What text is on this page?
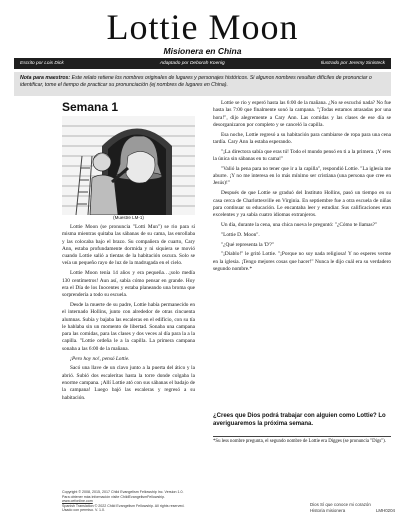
Lottie Moon
Misionera en China
Escrito por Lois Dick	Adaptado por Deborah Koenig	Ilustrado por Jeremy Sinisteck
Nota para maestros: Este relato retiene los nombres originales de lugares y personajes históricos. Si algunos nombres resultan difíciles de pronunciar o identificar, tome el tiempo de practicar su pronunciación (ej nombres de lugares en China).
Semana 1
(Muestre LM-1)

Lottie Moon (se pronuncia "Lotti Mun") se rio para sí misma mientras quitaba las sábanas de su cama, las enrollaba y las colocaba bajo el brazo. Su compañera de cuarto, Cary Ann, estaba profundamente dormida y ni siquiera se movió cuando Lottie salió a tientas de la habitación oscura. Solo se veía un pequeño rayo de luz de la madrugada en el cielo.

Lottie Moon tenía 14 años y era pequeña…¡solo medía 130 centímetros! Aun así, sabía cómo pensar en grande. Hoy era el Día de los Inocentes y estaba planeando una broma que sorprendería a todo su escuela.

Desde la muerte de su padre, Lottie había permanecido en el internado Hollins, junto con alrededor de otras cincuenta alumnas. Subía y bajaba las escaleras en el edificio, con su tía le hablaba sin un momento de libertad. Sonaba una campana para las comidas, para las clases y dos veces al día para la a la capilla. "Lottie ordeña le a la capilla. La primera campana sonaba a las 6:00 de la mañana.

¡Pero hoy no!, pensó Lottie.

Sacó una llave de un clavo junto a la puerta del ático y la abrió. Subió dos escaleritas hasta la torre donde colgaba la enorme campana. ¡Allí Lottie ató con sus sábanas el badajo de la campana! Luego bajó las escaleras y regresó a su habitación.

Lottie se rio y esperó hasta las 6:00 de la mañana. ¿No se escuchó nada? No fue hasta las 7:00 que finalmente sonó la campana. "¡Todas estamos atrasadas por una hora!", dijo alegremente a Cary Ann. Las comidas y las clases de ese día se desorganizaron por completo y se canceló la capilla.

Esa noche, Lottie regresó a su habitación para cambiarse de ropa para una cena tardía. Cary Ann la estaba esperando.

"¡La directora sabía que eras tú! Todo el mundo pensó en ti a la primera. ¡Y eres la única sin sábanas en tu cama!"

"Valió la pena para no tener que ir a la capilla", respondió Lottie. "La iglesia me aburre. ¡Y no me interesa en lo más mínimo ser cristiana (una persona que cree en Jesús)!"

Después de que Lottie se graduó del Instituto Hollins, pasó un tiempo en su casa cerca de Charlottesville en Virginia. En septiembre fue a otra escuela de niñas para continuar su educación. Le encantaba leer y estudiar. Sus calificaciones eran excelentes y ya sabía cuatro idiomas extranjeros.

Un día, durante la cena, una chica nueva le preguntó: "¿Cómo te llamas?"

"Lottie D. Moon".

"¿Qué representa la 'D'?"

"¡Diablo!" le gritó Lottie. "¡Porque no soy nada religiosa! Y no esperes verme en la iglesia. ¡Tengo mejores cosas que hacer!" Nunca le dijo cuál era su verdadero segundo nombre.*

¿Crees que Dios podrá trabajar con alguien como Lottie? Lo averiguaremos la próxima semana.
*Su less nombre pregunta, el segundo nombre de Lottie era Digges (se pronuncia "Digs").
Copyright © 2008, 2015, 2017 Child Evangelism Fellowship Inc. Version 1.0.
Para obtener más información visite ChildEvangelismFellowship.
www.cefonline.com
Spanish Translation © 2022 Child Evangelism Fellowship. All rights reserved.
Usado con permiso. V. 1.0.
Dios Sí que conoce mi corazón
Historia misionera	LMH0204
